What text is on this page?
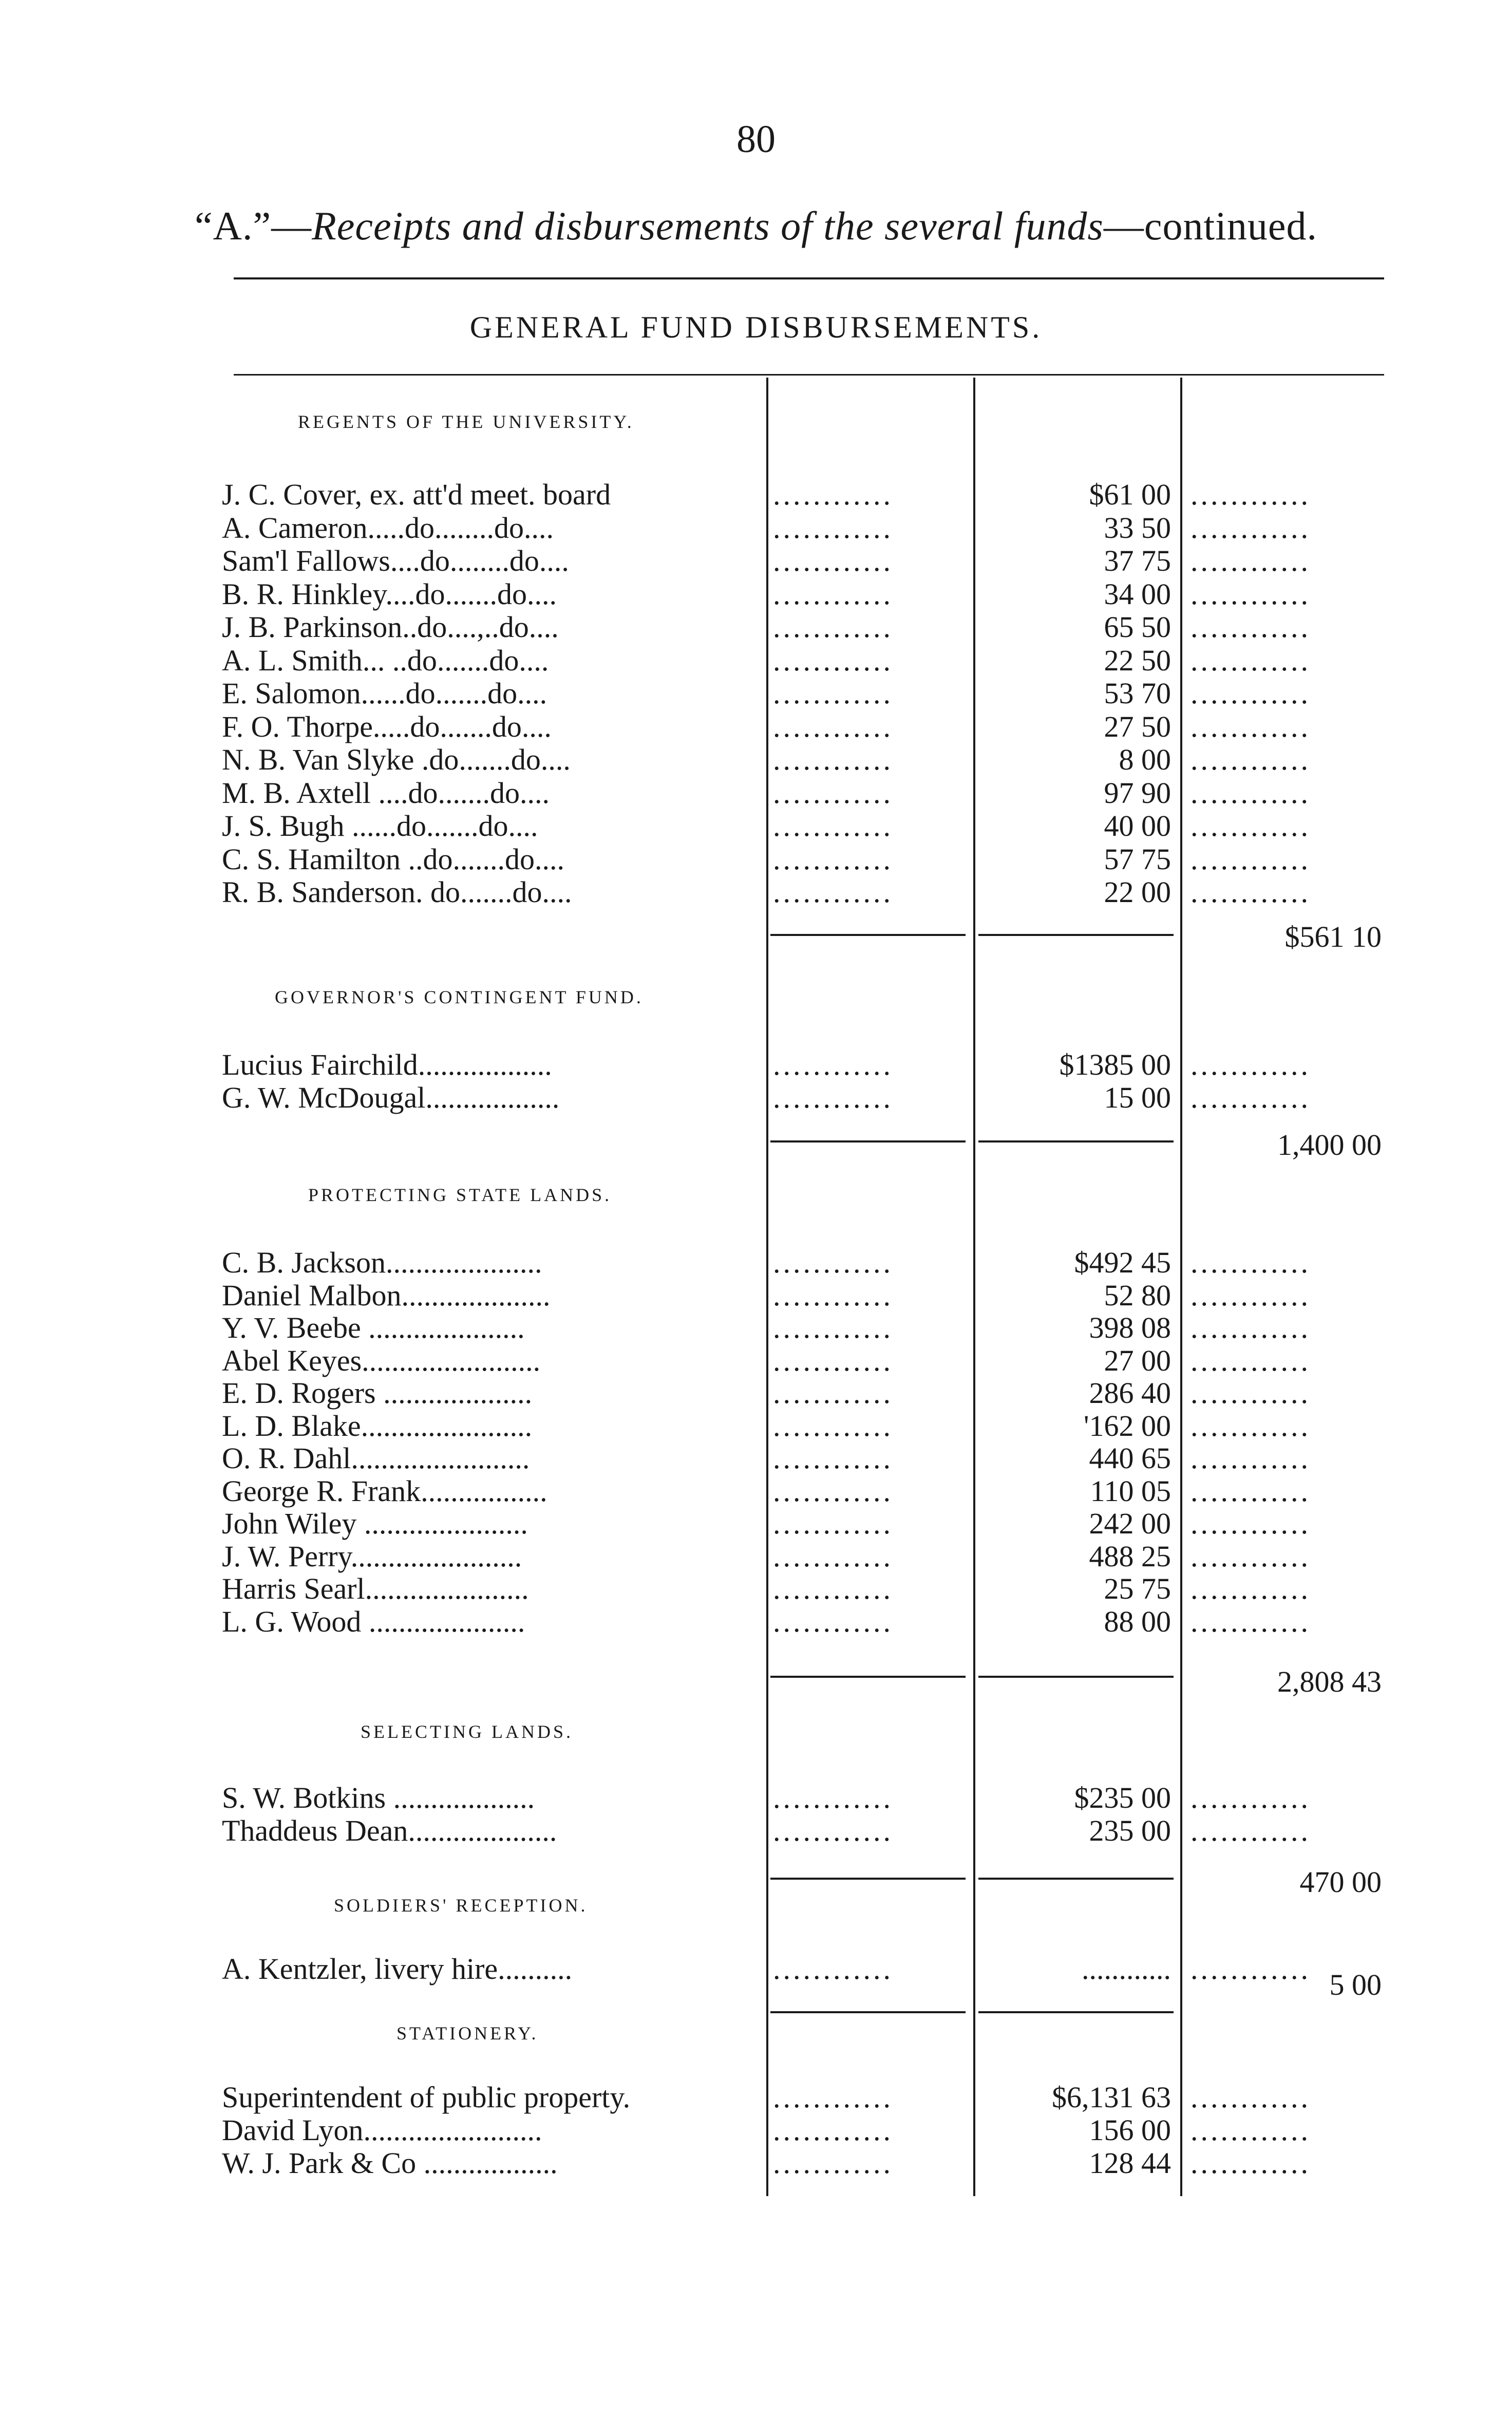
80
“A.”—Receipts and disbursements of the several funds—continued.
GENERAL FUND DISBURSEMENTS.
REGENTS OF THE UNIVERSITY.
J. C. Cover, ex. att'd meet. board	............	$61 00 ............
A. Cameron.....do........do....	............	33 50 ............
Sam'l Fallows....do........do....	............	37 75 ............
B. R. Hinkley....do.......do....	............	34 00 ............
J. B. Parkinson..do....,..do....	............	65 50 ............
A. L. Smith... ..do.......do....	............	22 50 ............
E. Salomon......do.......do....	............	53 70 ............
F. O. Thorpe.....do.......do....	............	27 50 ............
N. B. Van Slyke .do.......do....	............	8 00 ............
M. B. Axtell ....do.......do....	............	97 90 ............
J. S. Bugh ......do.......do....	............	40 00 ............
C. S. Hamilton ..do.......do....	............	57 75 ............
R. B. Sanderson. do.......do....	............	22 00 ............
$561 10
GOVERNOR'S CONTINGENT FUND.
Lucius Fairchild..................	............	$1385 00 ............
G. W. McDougal..................	............	15 00 ............
1,400 00
PROTECTING STATE LANDS.
C. B. Jackson.....................	............	$492 45 ............
Daniel Malbon....................	............	52 80 ............
Y. V. Beebe .....................	............	398 08 ............
Abel Keyes........................	............	27 00 ............
E. D. Rogers ....................	............	286 40 ............
L. D. Blake.......................	............	'162 00 ............
O. R. Dahl........................	............	440 65 ............
George R. Frank.................	............	110 05 ............
John Wiley ......................	............	242 00 ............
J. W. Perry.......................	............	488 25 ............
Harris Searl......................	............	25 75 ............
L. G. Wood .....................	............	88 00 ............
2,808 43
SELECTING LANDS.
S. W. Botkins ...................	............	$235 00 ............
Thaddeus Dean....................	............	235 00 ............
470 00
SOLDIERS' RECEPTION.
A. Kentzler, livery hire..........	............	............ ............ 5 00
STATIONERY.
Superintendent of public property.	............	$6,131 63 ............
David Lyon........................	............	156 00 ............
W. J. Park & Co ..................	............	128 44 ............
